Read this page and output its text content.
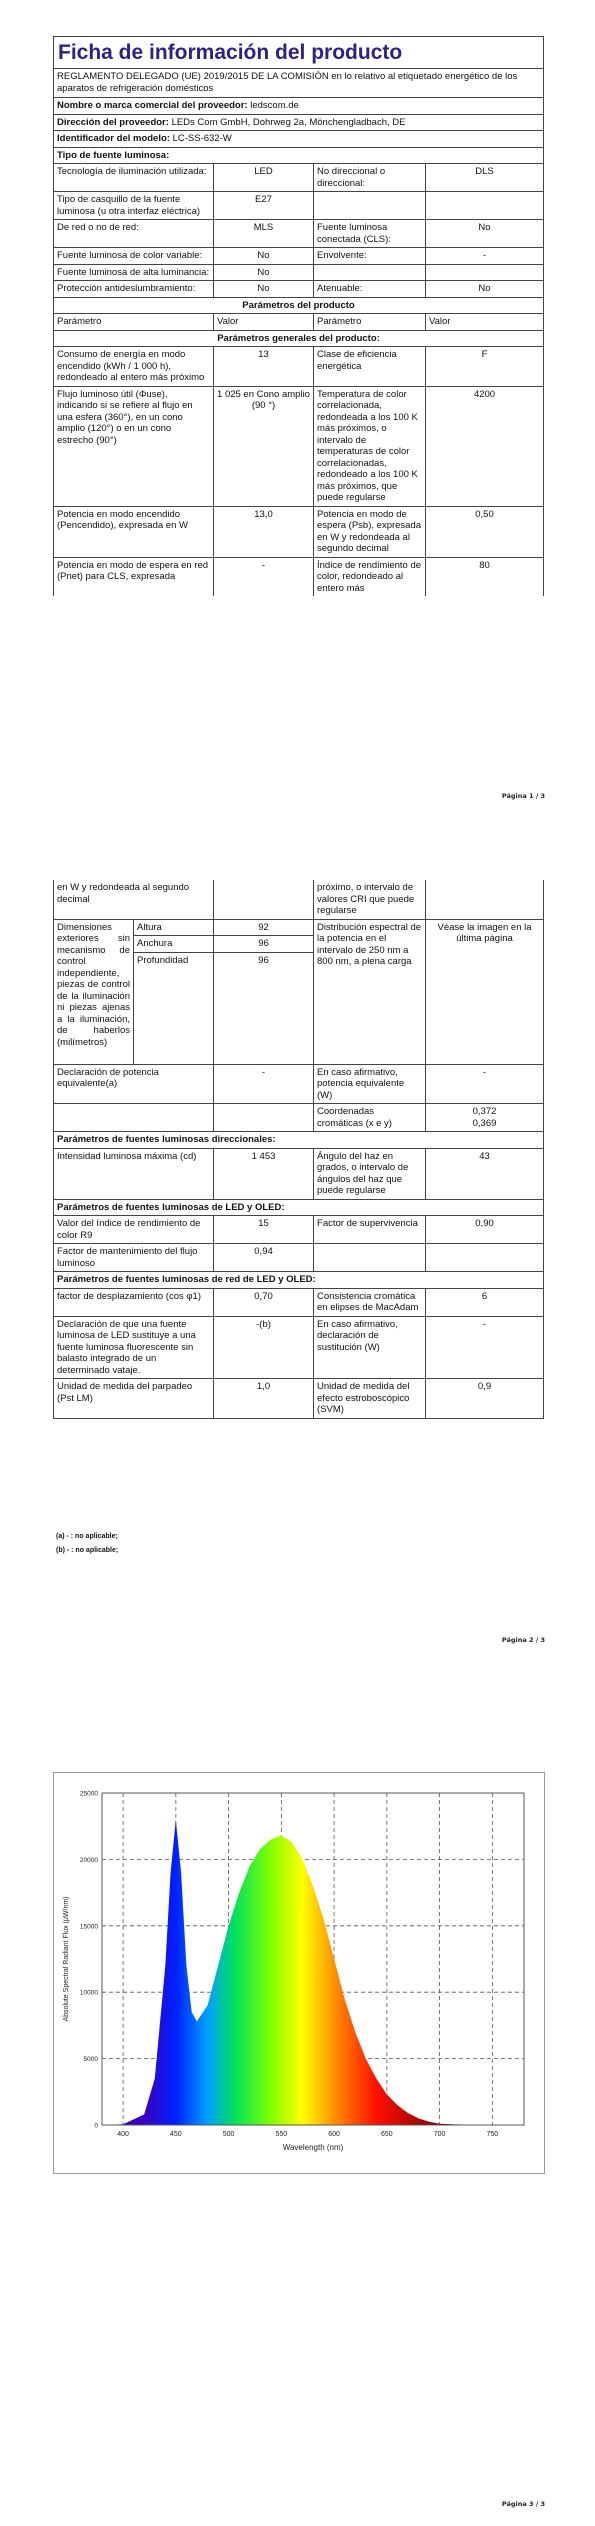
Ficha de información del producto			
REGLAMENTO DELEGADO (UE) 2019/2015 DE LA COMISIÓN en lo relativo al etiquetado energético de los aparatos de refrigeración domésticos			
Nombre o marca comercial del proveedor: ledscom.de			
Dirección del proveedor: LEDs Com GmbH, Dohrweg 2a, Mönchengladbach, DE			
Identificador del modelo: LC-SS-632-W			
Tipo de fuente luminosa:			
Tecnología de iluminación utilizada:	LED	No direccional o direccional:	DLS
Tipo de casquillo de la fuente luminosa (u otra interfaz eléctrica)	E27		
De red o no de red:	MLS	Fuente luminosa conectada (CLS):	No
Fuente luminosa de color variable:	No	Envolvente:	-
Fuente luminosa de alta luminancia:	No		
Protección antideslumbramiento:	No	Atenuable:	No
Parámetros del producto			
Parámetro	Valor	Parámetro	Valor
Parámetros generales del producto:			
Consumo de energía en modo encendido (kWh / 1 000 h), redondeado al entero más próximo	13	Clase de eficiencia energética	F
Flujo luminoso útil (Φuse), indicando si se refiere al flujo en una esfera (360°), en un cono amplio (120°) o en un cono estrecho (90°)	1 025 en Cono amplio (90 °)	Temperatura de color correlacionada, redondeada a los 100 K más próximos, o intervalo de temperaturas de color correlacionadas, redondeado a los 100 K más próximos, que puede regularse	4200
Potencia en modo encendido (Pencendido), expresada en W	13,0	Potencia en modo de espera (Psb), expresada en W y redondeada al segundo decimal	0,50
Potencia en modo de espera en red (Pnet) para CLS, expresada	-	Índice de rendimiento de color, redondeado al entero más	80
Página 1 / 3
en W y redondeada al segundo decimal			próximo, o intervalo de valores CRI que puede regularse	
Dimensiones exteriores sin mecanismo de control independiente, piezas de control de la iluminación ni piezas ajenas a la iluminación, de haberlos (milímetros)	Altura	92	Distribución espectral de la potencia en el intervalo de 250 nm a 800 nm, a plena carga	Véase la imagen en la última página
	Anchura	96		
	Profundidad	96		
Declaración de potencia equivalente(a)		-	En caso afirmativo, potencia equivalente (W)	-
			Coordenadas cromáticas (x e y)	0,372
0,369

Parámetros de fuentes luminosas direccionales:				
Intensidad luminosa máxima (cd)		1 453	Ángulo del haz en grados, o intervalo de ángulos del haz que puede regularse	43
Parámetros de fuentes luminosas de LED y OLED:				
Valor del índice de rendimiento de color R9		15	Factor de supervivencia	0,90
Factor de mantenimiento del flujo luminoso		0,94		
Parámetros de fuentes luminosas de red de LED y OLED:				
factor de desplazamiento (cos φ1)		0,70	Consistencia cromática en elipses de MacAdam	6
Declaración de que una fuente luminosa de LED sustituye a una fuente luminosa fluorescente sin balasto integrado de un determinado vataje.		-(b)	En caso afirmativo, declaración de sustitución (W)	-
Unidad de medida del parpadeo (Pst LM)		1,0	Unidad de medida del efecto estroboscópico (SVM)	0,9
(a) - : no aplicable;
(b) - : no aplicable;
Página 2 / 3
400	450	500	550	600	650	700	750
0
5000
10000
15000
20000
25000
Wavelength (nm)
Absolute Spectral Radiant Flux (μW/nm)
Página 3 / 3
